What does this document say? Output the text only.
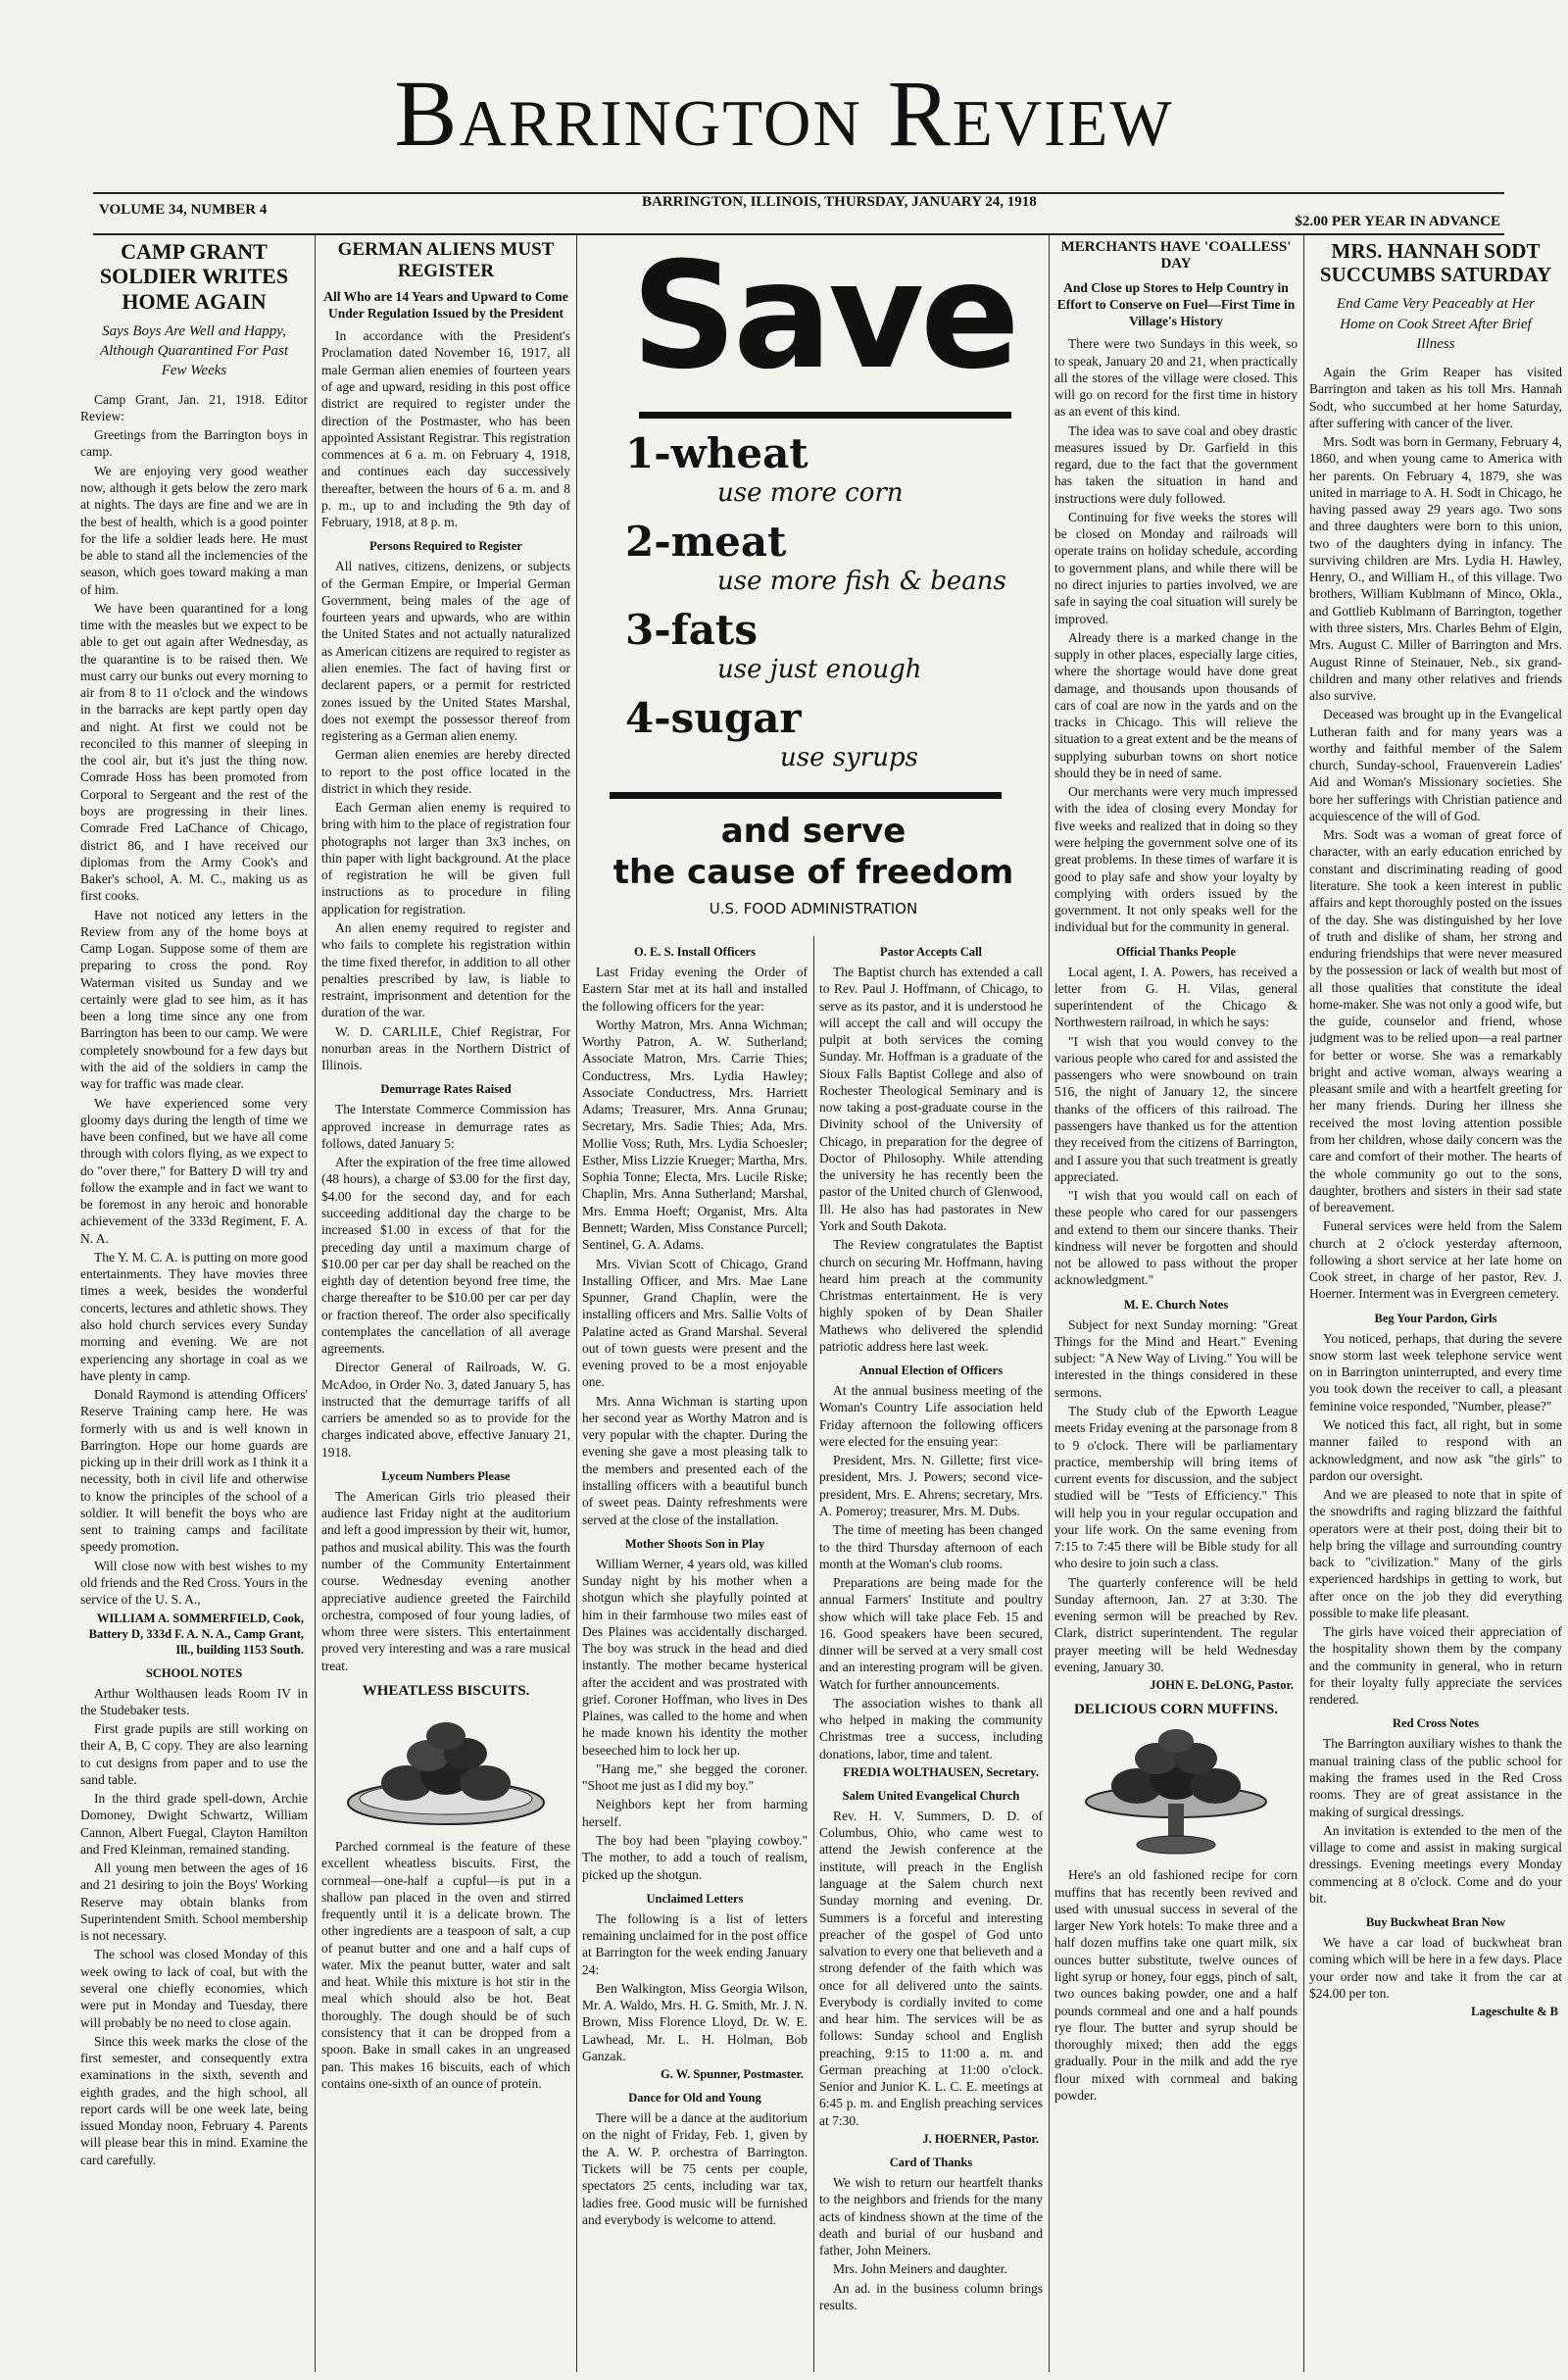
Barrington Review
VOLUME 34, NUMBER 4	BARRINGTON, ILLINOIS, THURSDAY, JANUARY 24, 1918
$2.00 PER YEAR IN ADVANCE
CAMP GRANT SOLDIER WRITES HOME AGAIN
Says Boys Are Well and Happy, Although Quarantined For Past Few Weeks

Camp Grant, Jan. 21, 1918. Editor Review:

Greetings from the Barrington boys in camp.

We are enjoying very good weather now, although it gets below the zero mark at nights. The days are fine and we are in the best of health, which is a good pointer for the life a soldier leads here. He must be able to stand all the inclemencies of the season, which goes toward making a man of him.

We have been quarantined for a long time with the measles but we expect to be able to get out again after Wednesday, as the quarantine is to be raised then. We must carry our bunks out every morning to air from 8 to 11 o'clock and the windows in the barracks are kept partly open day and night. At first we could not be reconciled to this manner of sleeping in the cool air, but it's just the thing now. Comrade Hoss has been promoted from Corporal to Sergeant and the rest of the boys are progressing in their lines. Comrade Fred LaChance of Chicago, district 86, and I have received our diplomas from the Army Cook's and Baker's school, A. M. C., making us as first cooks.

Have not noticed any letters in the Review from any of the home boys at Camp Logan. Suppose some of them are preparing to cross the pond. Roy Waterman visited us Sunday and we certainly were glad to see him, as it has been a long time since any one from Barrington has been to our camp. We were completely snowbound for a few days but with the aid of the soldiers in camp the way for traffic was made clear.

We have experienced some very gloomy days during the length of time we have been confined, but we have all come through with colors flying, as we expect to do "over there," for Battery D will try and follow the example and in fact we want to be foremost in any heroic and honorable achievement of the 333d Regiment, F. A. N. A.

The Y. M. C. A. is putting on more good entertainments. They have movies three times a week, besides the wonderful concerts, lectures and athletic shows. They also hold church services every Sunday morning and evening. We are not experiencing any shortage in coal as we have plenty in camp.

Donald Raymond is attending Officers' Reserve Training camp here. He was formerly with us and is well known in Barrington. Hope our home guards are picking up in their drill work as I think it a necessity, both in civil life and otherwise to know the principles of the school of a soldier. It will benefit the boys who are sent to training camps and facilitate speedy promotion.

Will close now with best wishes to my old friends and the Red Cross. Yours in the service of the U. S. A.,

WILLIAM A. SOMMERFIELD, Cook, Battery D, 333d F. A. N. A., Camp Grant, Ill., building 1153 South.
SCHOOL NOTES

Arthur Wolthausen leads Room IV in the Studebaker tests.

First grade pupils are still working on their A, B, C copy. They are also learning to cut designs from paper and to use the sand table.

In the third grade spell-down, Archie Domoney, Dwight Schwartz, William Cannon, Albert Fuegal, Clayton Hamilton and Fred Kleinman, remained standing.

All young men between the ages of 16 and 21 desiring to join the Boys' Working Reserve may obtain blanks from Superintendent Smith. School membership is not necessary.

The school was closed Monday of this week owing to lack of coal, but with the several one chiefly economies, which were put in Monday and Tuesday, there will probably be no need to close again.

Since this week marks the close of the first semester, and consequently extra examinations in the sixth, seventh and eighth grades, and the high school, all report cards will be one week late, being issued Monday noon, February 4. Parents will please bear this in mind. Examine the card carefully.

GERMAN ALIENS MUST REGISTER
All Who are 14 Years and Upward to Come Under Regulation Issued by the President

In accordance with the President's Proclamation dated November 16, 1917, all male German alien enemies of fourteen years of age and upward, residing in this post office district are required to register under the direction of the Postmaster, who has been appointed Assistant Registrar. This registration commences at 6 a. m. on February 4, 1918, and continues each day successively thereafter, between the hours of 6 a. m. and 8 p. m., up to and including the 9th day of February, 1918, at 8 p. m.

Persons Required to Register

All natives, citizens, denizens, or subjects of the German Empire, or Imperial German Government, being males of the age of fourteen years and upwards, who are within the United States and not actually naturalized as American citizens are required to register as alien enemies. The fact of having first or declarent papers, or a permit for restricted zones issued by the United States Marshal, does not exempt the possessor thereof from registering as a German alien enemy.

German alien enemies are hereby directed to report to the post office located in the district in which they reside.

Each German alien enemy is required to bring with him to the place of registration four photographs not larger than 3x3 inches, on thin paper with light background. At the place of registration he will be given full instructions as to procedure in filing application for registration.

An alien enemy required to register and who fails to complete his registration within the time fixed therefor, in addition to all other penalties prescribed by law, is liable to restraint, imprisonment and detention for the duration of the war.

W. D. CARLILE, Chief Registrar, For nonurban areas in the Northern District of Illinois.

Demurrage Rates Raised

The Interstate Commerce Commission has approved increase in demurrage rates as follows, dated January 5:

After the expiration of the free time allowed (48 hours), a charge of $3.00 for the first day, $4.00 for the second day, and for each succeeding additional day the charge to be increased $1.00 in excess of that for the preceding day until a maximum charge of $10.00 per car per day shall be reached on the eighth day of detention beyond free time, the charge thereafter to be $10.00 per car per day or fraction thereof. The order also specifically contemplates the cancellation of all average agreements.

Director General of Railroads, W. G. McAdoo, in Order No. 3, dated January 5, has instructed that the demurrage tariffs of all carriers be amended so as to provide for the charges indicated above, effective January 21, 1918.

Lyceum Numbers Please

The American Girls trio pleased their audience last Friday night at the auditorium and left a good impression by their wit, humor, pathos and musical ability. This was the fourth number of the Community Entertainment course. Wednesday evening another appreciative audience greeted the Fairchild orchestra, composed of four young ladies, of whom three were sisters. This entertainment proved very interesting and was a rare musical treat.

WHEATLESS BISCUITS.

Parched cornmeal is the feature of these excellent wheatless biscuits. First, the cornmeal—one-half a cupful—is put in a shallow pan placed in the oven and stirred frequently until it is a delicate brown. The other ingredients are a teaspoon of salt, a cup of peanut butter and one and a half cups of water. Mix the peanut butter, water and salt and heat. While this mixture is hot stir in the meal which should also be hot. Beat thoroughly. The dough should be of such consistency that it can be dropped from a spoon. Bake in small cakes in an ungreased pan. This makes 16 biscuits, each of which contains one-sixth of an ounce of protein.

Save
1-wheat
use more corn
2-meat
use more fish & beans
3-fats
use just enough
4-sugar
use syrups
and serve
the cause of freedom
U.S. FOOD ADMINISTRATION
O. E. S. Install Officers

Last Friday evening the Order of Eastern Star met at its hall and installed the following officers for the year:

Worthy Matron, Mrs. Anna Wichman; Worthy Patron, A. W. Sutherland; Associate Matron, Mrs. Carrie Thies; Conductress, Mrs. Lydia Hawley; Associate Conductress, Mrs. Harriett Adams; Treasurer, Mrs. Anna Grunau; Secretary, Mrs. Sadie Thies; Ada, Mrs. Mollie Voss; Ruth, Mrs. Lydia Schoesler; Esther, Miss Lizzie Krueger; Martha, Mrs. Sophia Tonne; Electa, Mrs. Lucile Riske; Chaplin, Mrs. Anna Sutherland; Marshal, Mrs. Emma Hoeft; Organist, Mrs. Alta Bennett; Warden, Miss Constance Purcell; Sentinel, G. A. Adams.

Mrs. Vivian Scott of Chicago, Grand Installing Officer, and Mrs. Mae Lane Spunner, Grand Chaplin, were the installing officers and Mrs. Sallie Volts of Palatine acted as Grand Marshal. Several out of town guests were present and the evening proved to be a most enjoyable one.

Mrs. Anna Wichman is starting upon her second year as Worthy Matron and is very popular with the chapter. During the evening she gave a most pleasing talk to the members and presented each of the installing officers with a beautiful bunch of sweet peas. Dainty refreshments were served at the close of the installation.

Mother Shoots Son in Play

William Werner, 4 years old, was killed Sunday night by his mother when a shotgun which she playfully pointed at him in their farmhouse two miles east of Des Plaines was accidentally discharged. The boy was struck in the head and died instantly. The mother became hysterical after the accident and was prostrated with grief. Coroner Hoffman, who lives in Des Plaines, was called to the home and when he made known his identity the mother beseeched him to lock her up.

"Hang me," she begged the coroner. "Shoot me just as I did my boy."

Neighbors kept her from harming herself.

The boy had been "playing cowboy." The mother, to add a touch of realism, picked up the shotgun.

Unclaimed Letters

The following is a list of letters remaining unclaimed for in the post office at Barrington for the week ending January 24:

Ben Walkington, Miss Georgia Wilson, Mr. A. Waldo, Mrs. H. G. Smith, Mr. J. N. Brown, Miss Florence Lloyd, Dr. W. E. Lawhead, Mr. L. H. Holman, Bob Ganzak.

G. W. Spunner, Postmaster.
Dance for Old and Young

There will be a dance at the auditorium on the night of Friday, Feb. 1, given by the A. W. P. orchestra of Barrington. Tickets will be 75 cents per couple, spectators 25 cents, including war tax, ladies free. Good music will be furnished and everybody is welcome to attend.

Pastor Accepts Call

The Baptist church has extended a call to Rev. Paul J. Hoffmann, of Chicago, to serve as its pastor, and it is understood he will accept the call and will occupy the pulpit at both services the coming Sunday. Mr. Hoffman is a graduate of the Sioux Falls Baptist College and also of Rochester Theological Seminary and is now taking a post-graduate course in the Divinity school of the University of Chicago, in preparation for the degree of Doctor of Philosophy. While attending the university he has recently been the pastor of the United church of Glenwood, Ill. He also has had pastorates in New York and South Dakota.

The Review congratulates the Baptist church on securing Mr. Hoffmann, having heard him preach at the community Christmas entertainment. He is very highly spoken of by Dean Shailer Mathews who delivered the splendid patriotic address here last week.

Annual Election of Officers

At the annual business meeting of the Woman's Country Life association held Friday afternoon the following officers were elected for the ensuing year:

President, Mrs. N. Gillette; first vice-president, Mrs. J. Powers; second vice-president, Mrs. E. Ahrens; secretary, Mrs. A. Pomeroy; treasurer, Mrs. M. Dubs.

The time of meeting has been changed to the third Thursday afternoon of each month at the Woman's club rooms.

Preparations are being made for the annual Farmers' Institute and poultry show which will take place Feb. 15 and 16. Good speakers have been secured, dinner will be served at a very small cost and an interesting program will be given. Watch for further announcements.

The association wishes to thank all who helped in making the community Christmas tree a success, including donations, labor, time and talent.

FREDIA WOLTHAUSEN, Secretary.
Salem United Evangelical Church

Rev. H. V. Summers, D. D. of Columbus, Ohio, who came west to attend the Jewish conference at the institute, will preach in the English language at the Salem church next Sunday morning and evening. Dr. Summers is a forceful and interesting preacher of the gospel of God unto salvation to every one that believeth and a strong defender of the faith which was once for all delivered unto the saints. Everybody is cordially invited to come and hear him. The services will be as follows: Sunday school and English preaching, 9:15 to 11:00 a. m. and German preaching at 11:00 o'clock. Senior and Junior K. L. C. E. meetings at 6:45 p. m. and English preaching services at 7:30.

J. HOERNER, Pastor.
Card of Thanks

We wish to return our heartfelt thanks to the neighbors and friends for the many acts of kindness shown at the time of the death and burial of our husband and father, John Meiners.

Mrs. John Meiners and daughter.

An ad. in the business column brings results.

MERCHANTS HAVE 'COALLESS' DAY
And Close up Stores to Help Country in Effort to Conserve on Fuel—First Time in Village's History

There were two Sundays in this week, so to speak, January 20 and 21, when practically all the stores of the village were closed. This will go on record for the first time in history as an event of this kind.

The idea was to save coal and obey drastic measures issued by Dr. Garfield in this regard, due to the fact that the government has taken the situation in hand and instructions were duly followed.

Continuing for five weeks the stores will be closed on Monday and railroads will operate trains on holiday schedule, according to government plans, and while there will be no direct injuries to parties involved, we are safe in saying the coal situation will surely be improved.

Already there is a marked change in the supply in other places, especially large cities, where the shortage would have done great damage, and thousands upon thousands of cars of coal are now in the yards and on the tracks in Chicago. This will relieve the situation to a great extent and be the means of supplying suburban towns on short notice should they be in need of same.

Our merchants were very much impressed with the idea of closing every Monday for five weeks and realized that in doing so they were helping the government solve one of its great problems. In these times of warfare it is good to play safe and show your loyalty by complying with orders issued by the government. It not only speaks well for the individual but for the community in general.

Official Thanks People

Local agent, I. A. Powers, has received a letter from G. H. Vilas, general superintendent of the Chicago & Northwestern railroad, in which he says:

"I wish that you would convey to the various people who cared for and assisted the passengers who were snowbound on train 516, the night of January 12, the sincere thanks of the officers of this railroad. The passengers have thanked us for the attention they received from the citizens of Barrington, and I assure you that such treatment is greatly appreciated.

"I wish that you would call on each of these people who cared for our passengers and extend to them our sincere thanks. Their kindness will never be forgotten and should not be allowed to pass without the proper acknowledgment."

M. E. Church Notes

Subject for next Sunday morning: "Great Things for the Mind and Heart." Evening subject: "A New Way of Living." You will be interested in the things considered in these sermons.

The Study club of the Epworth League meets Friday evening at the parsonage from 8 to 9 o'clock. There will be parliamentary practice, membership will bring items of current events for discussion, and the subject studied will be "Tests of Efficiency." This will help you in your regular occupation and your life work. On the same evening from 7:15 to 7:45 there will be Bible study for all who desire to join such a class.

The quarterly conference will be held Sunday afternoon, Jan. 27 at 3:30. The evening sermon will be preached by Rev. Clark, district superintendent. The regular prayer meeting will be held Wednesday evening, January 30.

JOHN E. DeLONG, Pastor.
DELICIOUS CORN MUFFINS.

Here's an old fashioned recipe for corn muffins that has recently been revived and used with unusual success in several of the larger New York hotels: To make three and a half dozen muffins take one quart milk, six ounces butter substitute, twelve ounces of light syrup or honey, four eggs, pinch of salt, two ounces baking powder, one and a half pounds cornmeal and one and a half pounds rye flour. The butter and syrup should be thoroughly mixed; then add the eggs gradually. Pour in the milk and add the rye flour mixed with cornmeal and baking powder.

MRS. HANNAH SODT SUCCUMBS SATURDAY
End Came Very Peaceably at Her Home on Cook Street After Brief Illness

Again the Grim Reaper has visited Barrington and taken as his toll Mrs. Hannah Sodt, who succumbed at her home Saturday, after suffering with cancer of the liver.

Mrs. Sodt was born in Germany, February 4, 1860, and when young came to America with her parents. On February 4, 1879, she was united in marriage to A. H. Sodt in Chicago, he having passed away 29 years ago. Two sons and three daughters were born to this union, two of the daughters dying in infancy. The surviving children are Mrs. Lydia H. Hawley, Henry, O., and William H., of this village. Two brothers, William Kublmann of Minco, Okla., and Gottlieb Kublmann of Barrington, together with three sisters, Mrs. Charles Behm of Elgin, Mrs. August C. Miller of Barrington and Mrs. August Rinne of Steinauer, Neb., six grand-children and many other relatives and friends also survive.

Deceased was brought up in the Evangelical Lutheran faith and for many years was a worthy and faithful member of the Salem church, Sunday-school, Frauenverein Ladies' Aid and Woman's Missionary societies. She bore her sufferings with Christian patience and acquiescence of the will of God.

Mrs. Sodt was a woman of great force of character, with an early education enriched by constant and discriminating reading of good literature. She took a keen interest in public affairs and kept thoroughly posted on the issues of the day. She was distinguished by her love of truth and dislike of sham, her strong and enduring friendships that were never measured by the possession or lack of wealth but most of all those qualities that constitute the ideal home-maker. She was not only a good wife, but the guide, counselor and friend, whose judgment was to be relied upon—a real partner for better or worse. She was a remarkably bright and active woman, always wearing a pleasant smile and with a heartfelt greeting for her many friends. During her illness she received the most loving attention possible from her children, whose daily concern was the care and comfort of their mother. The hearts of the whole community go out to the sons, daughter, brothers and sisters in their sad state of bereavement.

Funeral services were held from the Salem church at 2 o'clock yesterday afternoon, following a short service at her late home on Cook street, in charge of her pastor, Rev. J. Hoerner. Interment was in Evergreen cemetery.

Beg Your Pardon, Girls

You noticed, perhaps, that during the severe snow storm last week telephone service went on in Barrington uninterrupted, and every time you took down the receiver to call, a pleasant feminine voice responded, "Number, please?"

We noticed this fact, all right, but in some manner failed to respond with an acknowledgment, and now ask "the girls" to pardon our oversight.

And we are pleased to note that in spite of the snowdrifts and raging blizzard the faithful operators were at their post, doing their bit to help bring the village and surrounding country back to "civilization." Many of the girls experienced hardships in getting to work, but after once on the job they did everything possible to make life pleasant.

The girls have voiced their appreciation of the hospitality shown them by the company and the community in general, who in return for their loyalty fully appreciate the services rendered.

Red Cross Notes

The Barrington auxiliary wishes to thank the manual training class of the public school for making the frames used in the Red Cross rooms. They are of great assistance in the making of surgical dressings.

An invitation is extended to the men of the village to come and assist in making surgical dressings. Evening meetings every Monday commencing at 8 o'clock. Come and do your bit.

Buy Buckwheat Bran Now

We have a car load of buckwheat bran coming which will be here in a few days. Place your order now and take it from the car at $24.00 per ton.

Lageschulte & B
